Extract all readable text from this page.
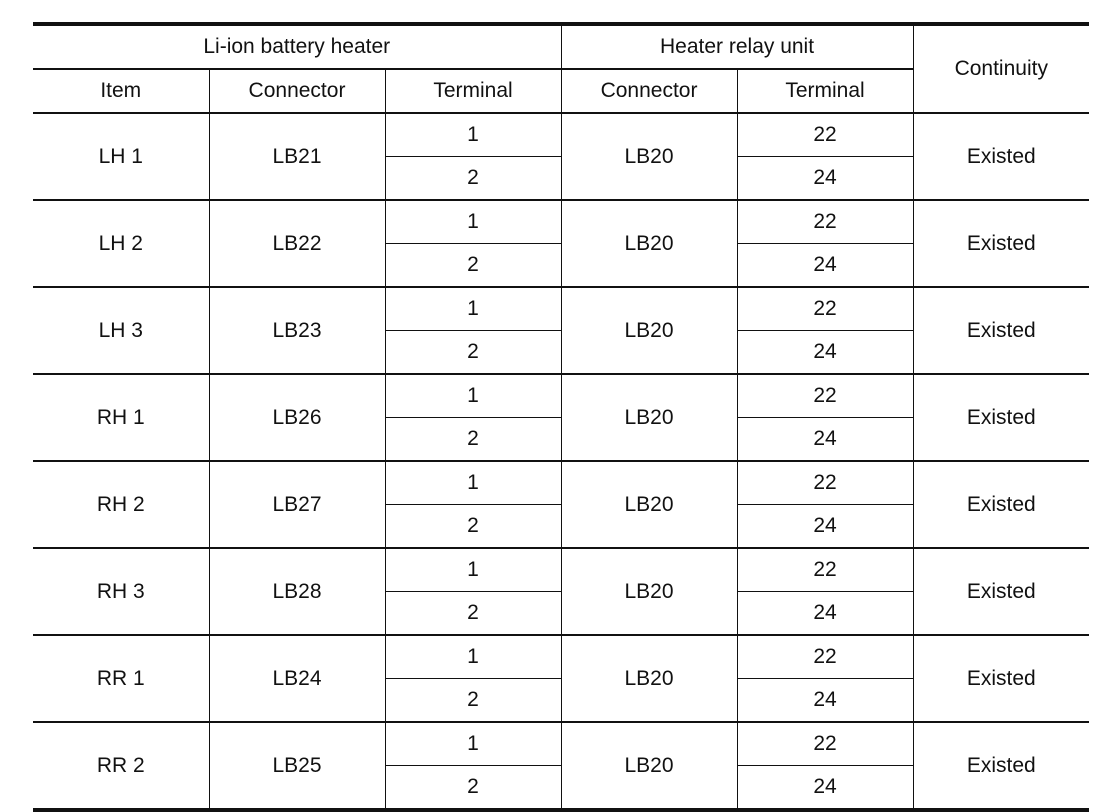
Li-ion battery heater			Heater relay unit		Continuity
Item	Connector	Terminal	Connector	Terminal	
LH 1	LB21	1	LB20	22	Existed
		2		24	
LH 2	LB22	1	LB20	22	Existed
		2		24	
LH 3	LB23	1	LB20	22	Existed
		2		24	
RH 1	LB26	1	LB20	22	Existed
		2		24	
RH 2	LB27	1	LB20	22	Existed
		2		24	
RH 3	LB28	1	LB20	22	Existed
		2		24	
RR 1	LB24	1	LB20	22	Existed
		2		24	
RR 2	LB25	1	LB20	22	Existed
		2		24	
